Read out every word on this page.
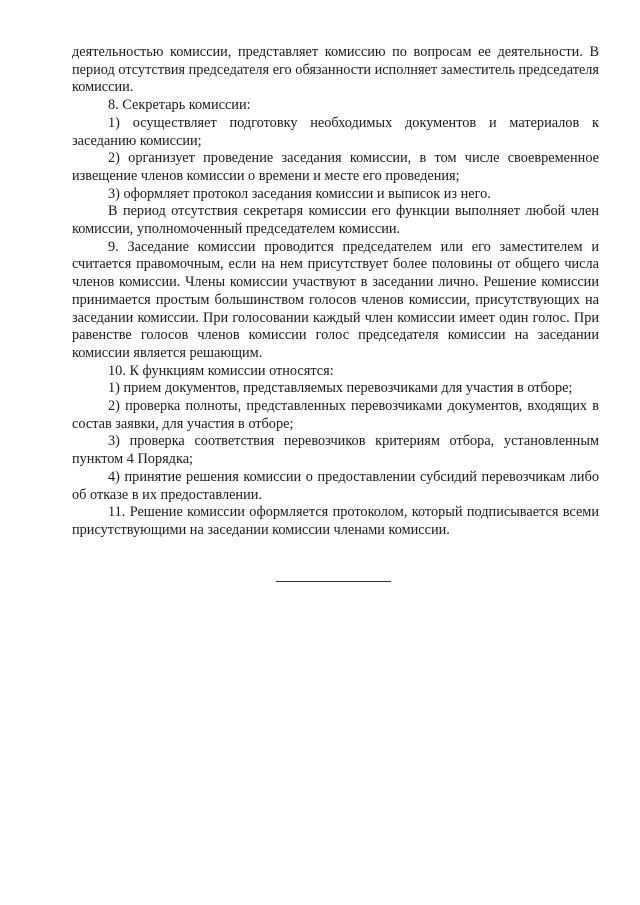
деятельностью комиссии, представляет комиссию по вопросам ее деятельности. В период отсутствия председателя его обязанности исполняет заместитель председателя комиссии.

8. Секретарь комиссии:

1) осуществляет подготовку необходимых документов и материалов к заседанию комиссии;

2) организует проведение заседания комиссии, в том числе своевременное извещение членов комиссии о времени и месте его проведения;

3) оформляет протокол заседания комиссии и выписок из него.

В период отсутствия секретаря комиссии его функции выполняет любой член комиссии, уполномоченный председателем комиссии.

9. Заседание комиссии проводится председателем или его заместителем и считается правомочным, если на нем присутствует более половины от общего числа членов комиссии. Члены комиссии участвуют в заседании лично. Решение комиссии принимается простым большинством голосов членов комиссии, присутствующих на заседании комиссии. При голосовании каждый член комиссии имеет один голос. При равенстве голосов членов комиссии голос председателя комиссии на заседании комиссии является решающим.

10. К функциям комиссии относятся:

1) прием документов, представляемых перевозчиками для участия в отборе;

2) проверка полноты, представленных перевозчиками документов, входящих в состав заявки, для участия в отборе;

3) проверка соответствия перевозчиков критериям отбора, установленным пунктом 4 Порядка;

4) принятие решения комиссии о предоставлении субсидий перевозчикам либо об отказе в их предоставлении.

11. Решение комиссии оформляется протоколом, который подписывается всеми присутствующими на заседании комиссии членами комиссии.
